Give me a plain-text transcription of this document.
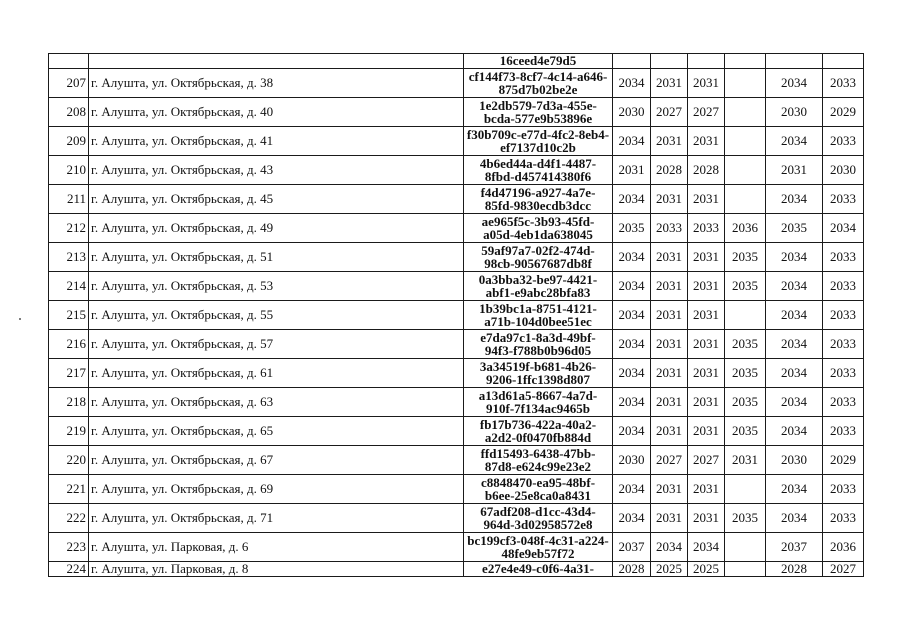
		16ceed4e79d5						

207	г. Алушта, ул. Октябрьская, д. 38	cf144f73-8cf7-4c14-a646-
875d7b02be2e	2034	2031	2031		2034	2033
208	г. Алушта, ул. Октябрьская, д. 40	1e2db579-7d3a-455e-
bcda-577e9b53896e	2030	2027	2027		2030	2029
209	г. Алушта, ул. Октябрьская, д. 41	f30b709c-e77d-4fc2-8eb4-
ef7137d10c2b	2034	2031	2031		2034	2033
210	г. Алушта, ул. Октябрьская, д. 43	4b6ed44a-d4f1-4487-
8fbd-d457414380f6	2031	2028	2028		2031	2030
211	г. Алушта, ул. Октябрьская, д. 45	f4d47196-a927-4a7e-
85fd-9830ecdb3dcc	2034	2031	2031		2034	2033
212	г. Алушта, ул. Октябрьская, д. 49	ae965f5c-3b93-45fd-
a05d-4eb1da638045	2035	2033	2033	2036	2035	2034
213	г. Алушта, ул. Октябрьская, д. 51	59af97a7-02f2-474d-
98cb-90567687db8f	2034	2031	2031	2035	2034	2033
214	г. Алушта, ул. Октябрьская, д. 53	0a3bba32-be97-4421-
abf1-e9abc28bfa83	2034	2031	2031	2035	2034	2033
215	г. Алушта, ул. Октябрьская, д. 55	1b39bc1a-8751-4121-
a71b-104d0bee51ec	2034	2031	2031		2034	2033
216	г. Алушта, ул. Октябрьская, д. 57	e7da97c1-8a3d-49bf-
94f3-f788b0b96d05	2034	2031	2031	2035	2034	2033
217	г. Алушта, ул. Октябрьская, д. 61	3a34519f-b681-4b26-
9206-1ffc1398d807	2034	2031	2031	2035	2034	2033
218	г. Алушта, ул. Октябрьская, д. 63	a13d61a5-8667-4a7d-
910f-7f134ac9465b	2034	2031	2031	2035	2034	2033
219	г. Алушта, ул. Октябрьская, д. 65	fb17b736-422a-40a2-
a2d2-0f0470fb884d	2034	2031	2031	2035	2034	2033
220	г. Алушта, ул. Октябрьская, д. 67	ffd15493-6438-47bb-
87d8-e624c99e23e2	2030	2027	2027	2031	2030	2029
221	г. Алушта, ул. Октябрьская, д. 69	c8848470-ea95-48bf-
b6ee-25e8ca0a8431	2034	2031	2031		2034	2033
222	г. Алушта, ул. Октябрьская, д. 71	67adf208-d1cc-43d4-
964d-3d02958572e8	2034	2031	2031	2035	2034	2033
223	г. Алушта, ул. Парковая, д. 6	bc199cf3-048f-4c31-a224-
48fe9eb57f72	2037	2034	2034		2037	2036
224	г. Алушта, ул. Парковая, д. 8	e27e4e49-c0f6-4a31-	2028	2025	2025		2028	2027
